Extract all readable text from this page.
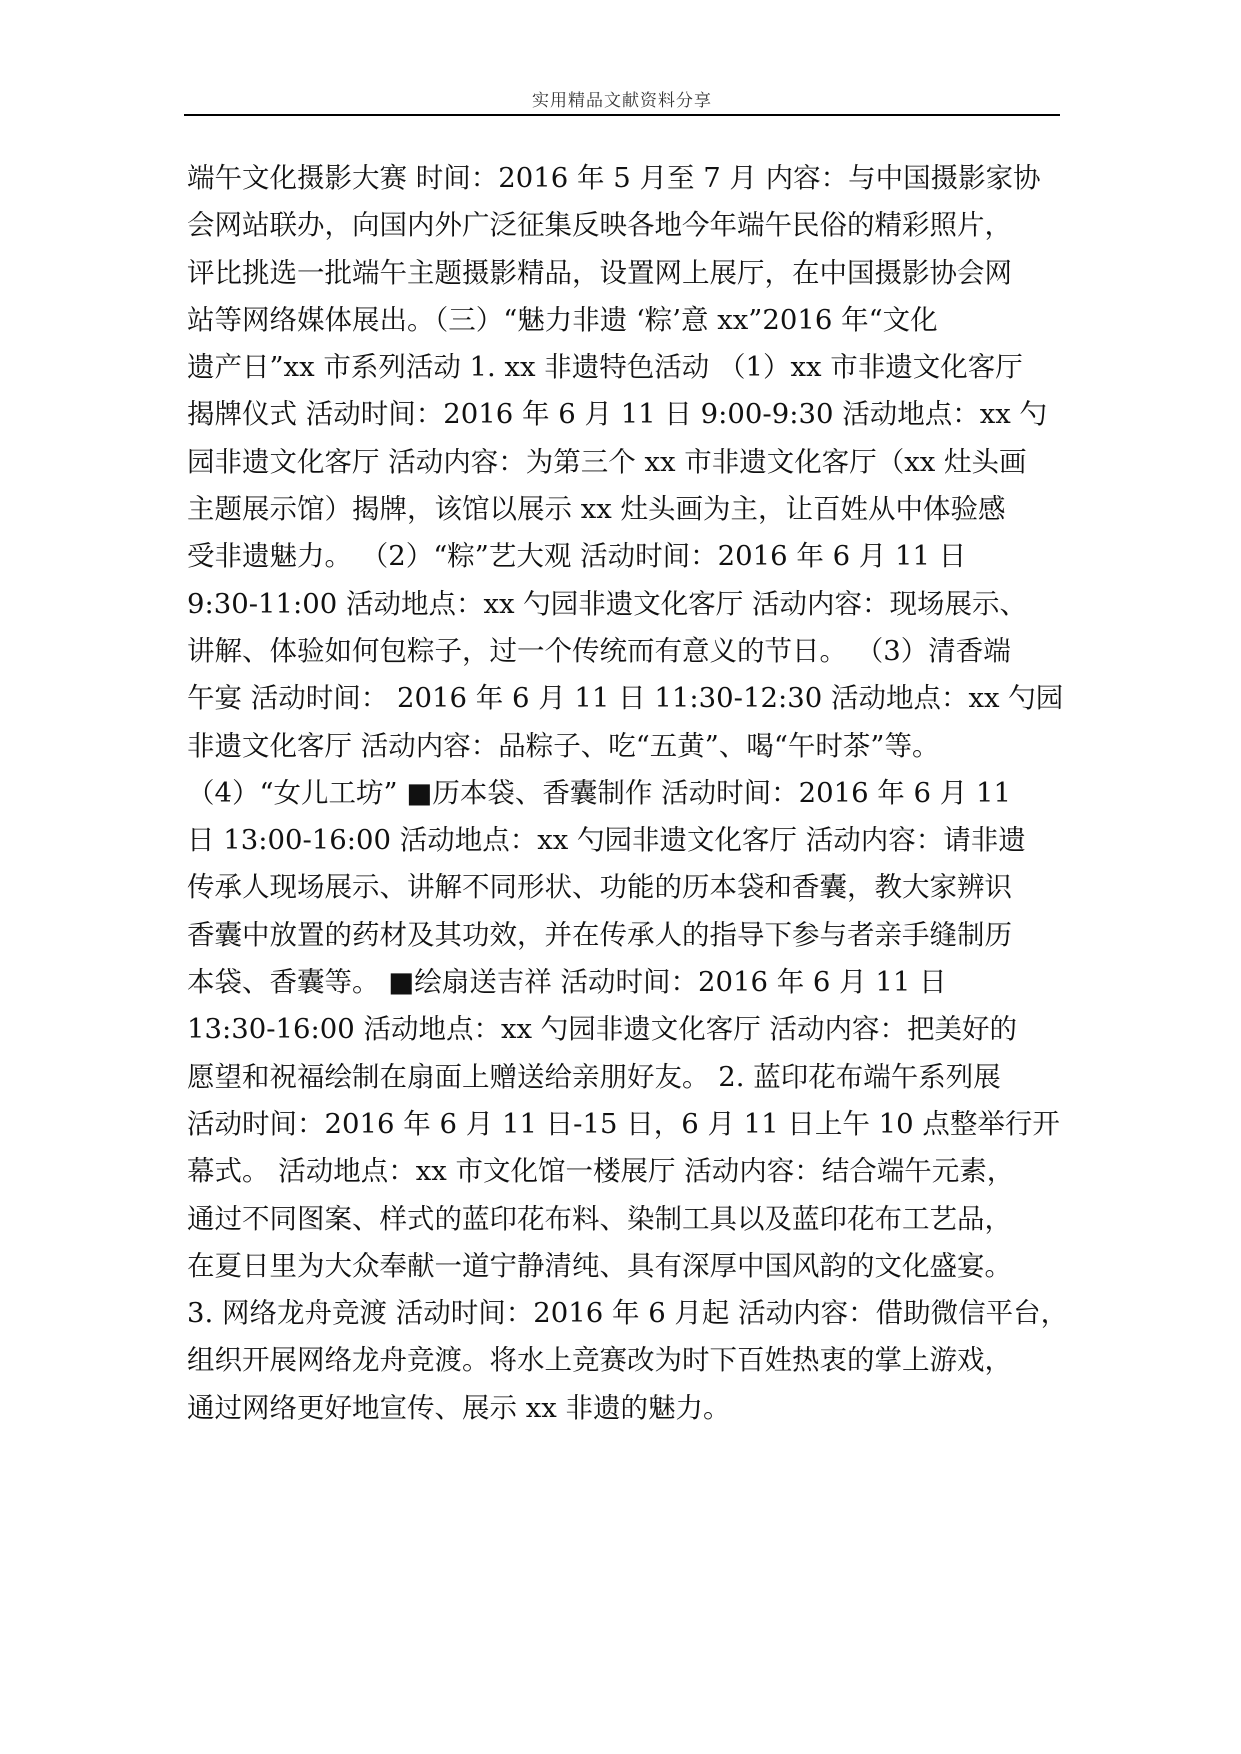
实用精品文献资料分享
端午文化摄影大赛 时间：2016 年 5 月至 7 月 内容：与中国摄影家协
会网站联办，向国内外广泛征集反映各地今年端午民俗的精彩照片，
评比挑选一批端午主题摄影精品，设置网上展厅，在中国摄影协会网
站等网络媒体展出。（三）“魅力非遗 ‘粽’意 xx”2016 年“文化
遗产日”xx 市系列活动 1. xx 非遗特色活动 （1）xx 市非遗文化客厅
揭牌仪式 活动时间：2016 年 6 月 11 日 9:00-9:30 活动地点：xx 勺
园非遗文化客厅 活动内容：为第三个 xx 市非遗文化客厅（xx 灶头画
主题展示馆）揭牌，该馆以展示 xx 灶头画为主，让百姓从中体验感
受非遗魅力。 （2）“粽”艺大观 活动时间：2016 年 6 月 11 日
9:30-11:00 活动地点：xx 勺园非遗文化客厅 活动内容：现场展示、
讲解、体验如何包粽子，过一个传统而有意义的节日。 （3）清香端
午宴 活动时间： 2016 年 6 月 11 日 11:30-12:30 活动地点：xx 勺园
非遗文化客厅 活动内容：品粽子、吃“五黄”、喝“午时茶”等。
（4）“女儿工坊” ■历本袋、香囊制作 活动时间：2016 年 6 月 11
日 13:00-16:00 活动地点：xx 勺园非遗文化客厅 活动内容：请非遗
传承人现场展示、讲解不同形状、功能的历本袋和香囊，教大家辨识
香囊中放置的药材及其功效，并在传承人的指导下参与者亲手缝制历
本袋、香囊等。 ■绘扇送吉祥 活动时间：2016 年 6 月 11 日
13:30-16:00 活动地点：xx 勺园非遗文化客厅 活动内容：把美好的
愿望和祝福绘制在扇面上赠送给亲朋好友。 2. 蓝印花布端午系列展
活动时间：2016 年 6 月 11 日-15 日，6 月 11 日上午 10 点整举行开
幕式。 活动地点：xx 市文化馆一楼展厅 活动内容：结合端午元素，
通过不同图案、样式的蓝印花布料、染制工具以及蓝印花布工艺品，
在夏日里为大众奉献一道宁静清纯、具有深厚中国风韵的文化盛宴。
3. 网络龙舟竞渡 活动时间：2016 年 6 月起 活动内容：借助微信平台，
组织开展网络龙舟竞渡。将水上竞赛改为时下百姓热衷的掌上游戏，
通过网络更好地宣传、展示 xx 非遗的魅力。
